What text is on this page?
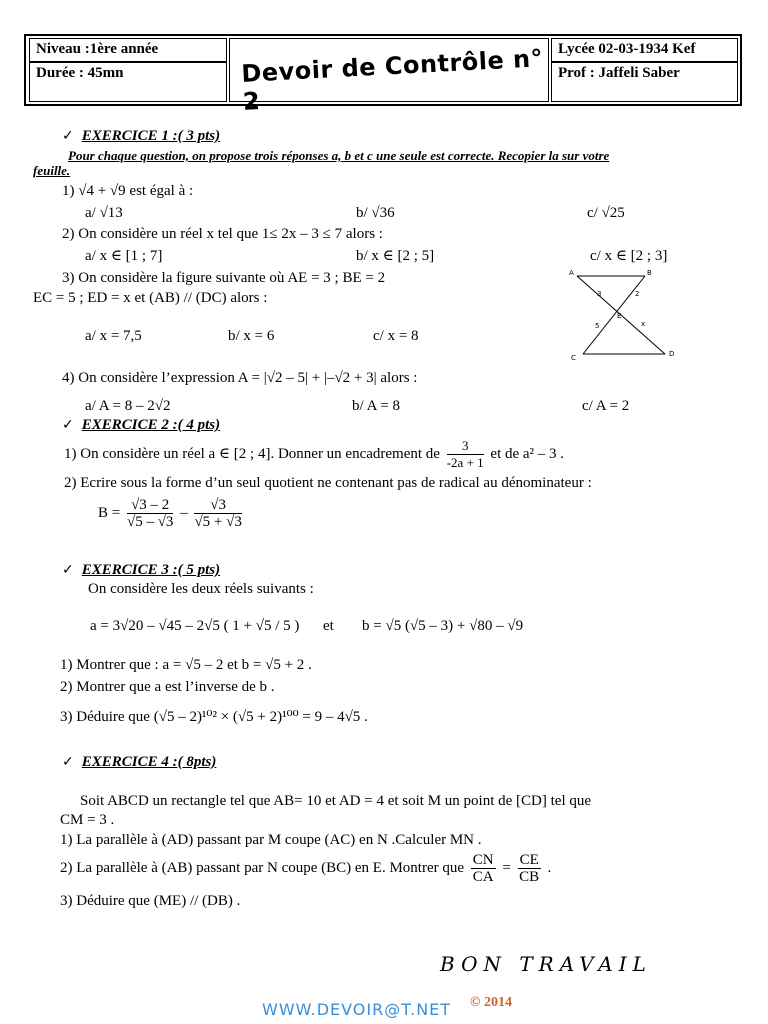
Niveau :1ère année
Durée : 45mn	Devoir de Contrôle n° 2
Lycée 02-03-1934 Kef
Prof : Jaffeli Saber
✓ EXERCICE 1 :( 3 pts)
Pour chaque question, on propose trois réponses a, b et c une seule est correcte. Recopier la sur votre
feuille.
1) √4 + √9 est égal à :
a/ √13	b/ √36	c/ √25
2) On considère un réel x tel que 1≤ 2x – 3 ≤ 7 alors :
a/ x ∈ [1 ; 7]	b/ x ∈ [2 ; 5]	c/ x ∈ [2 ; 3]
3) On considère la figure suivante où AE = 3 ; BE = 2
EC = 5 ; ED = x et (AB) // (DC) alors :
a/ x = 7,5	b/ x = 6	c/ x = 8
A	B
C	D
E
3	2
5	x
4) On considère l’expression A = |√2 – 5| + |–√2 + 3| alors :
a/ A = 8 – 2√2	b/ A = 8	c/ A = 2
✓ EXERCICE 2 :( 4 pts)
1) On considère un réel a ∈ [2 ; 4]. Donner un encadrement de $\frac{3}{-2a + 1}$ et de a² – 3 .
2) Ecrire sous la forme d’un seul quotient ne contenant pas de radical au dénominateur :
$B = \frac{√3 - 2}{√5 - √3} - \frac{√3}{√5 + √3}$
✓ EXERCICE 3 :( 5 pts)
On considère les deux réels suivants :
a = 3√20 – √45 – 2√5 ( 1 + √5 / 5 ) et b = √5 (√5 – 3) + √80 – √9
1) Montrer que : a = √5 – 2 et b = √5 + 2 .
2) Montrer que a est l’inverse de b .
3) Déduire que (√5 – 2)¹⁰² × (√5 + 2)¹⁰⁰ = 9 – 4√5 .
✓ EXERCICE 4 :( 8pts)
Soit ABCD un rectangle tel que AB= 10 et AD = 4 et soit M un point de [CD] tel que
CM = 3 .
1) La parallèle à (AD) passant par M coupe (AC) en N .Calculer MN .
2) La parallèle à (AB) passant par N coupe (BC) en E. Montrer que $\frac{CN}{CA} = \frac{CE}{CB}$ .
3) Déduire que (ME) // (DB) .
BON TRAVAIL
WWW.DEVOIR@T.NET © 2014
